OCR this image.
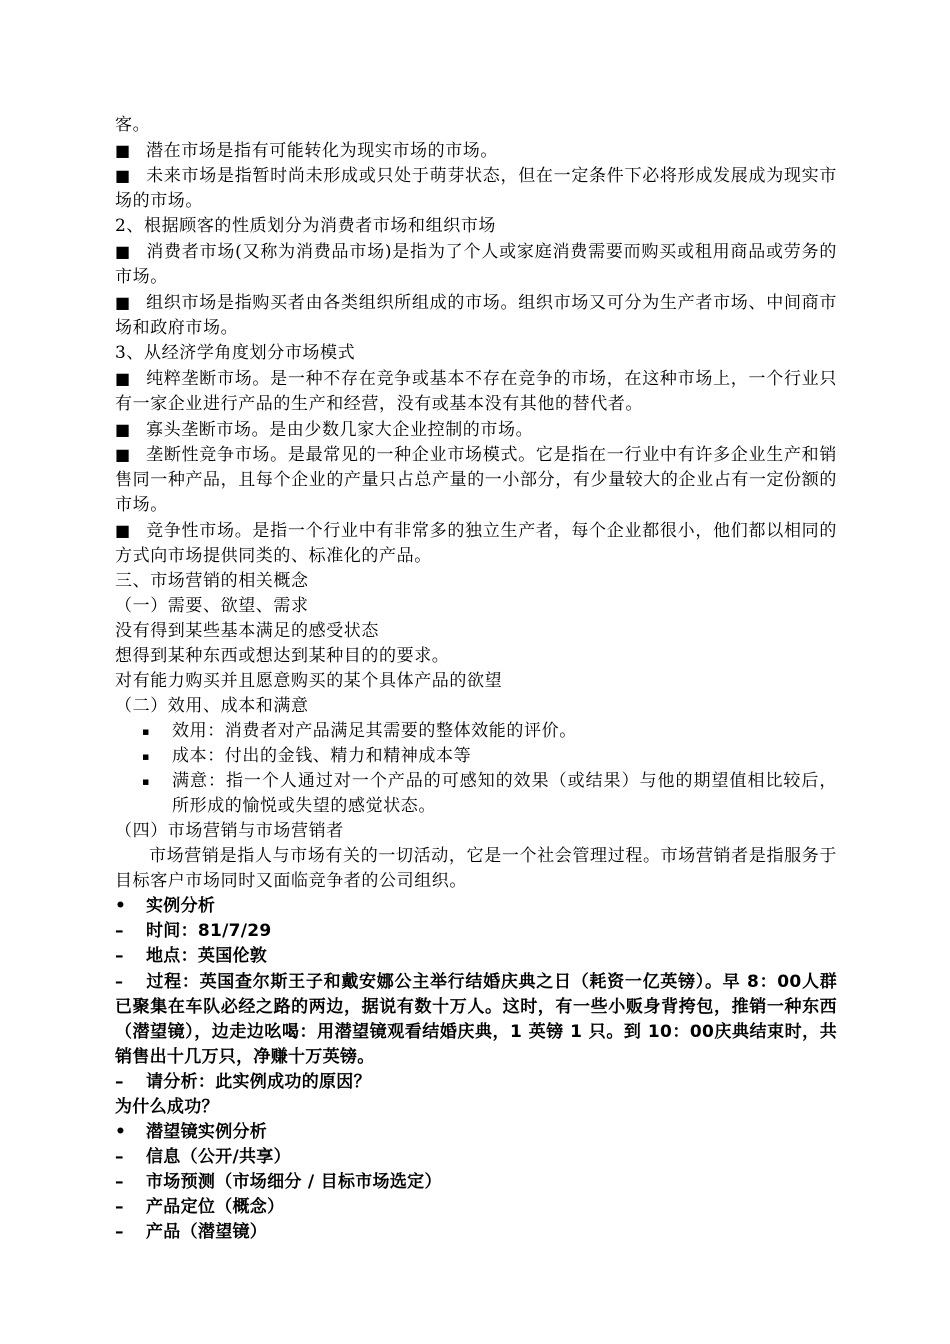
客。
■ 潜在市场是指有可能转化为现实市场的市场。
■ 未来市场是指暂时尚未形成或只处于萌芽状态，但在一定条件下必将形成发展成为现实市场的市场。
2、根据顾客的性质划分为消费者市场和组织市场
■ 消费者市场(又称为消费品市场)是指为了个人或家庭消费需要而购买或租用商品或劳务的市场。
■ 组织市场是指购买者由各类组织所组成的市场。组织市场又可分为生产者市场、中间商市场和政府市场。
3、从经济学角度划分市场模式
■ 纯粹垄断市场。是一种不存在竞争或基本不存在竞争的市场，在这种市场上，一个行业只有一家企业进行产品的生产和经营，没有或基本没有其他的替代者。
■ 寡头垄断市场。是由少数几家大企业控制的市场。
■ 垄断性竞争市场。是最常见的一种企业市场模式。它是指在一行业中有许多企业生产和销售同一种产品，且每个企业的产量只占总产量的一小部分，有少量较大的企业占有一定份额的市场。
■ 竞争性市场。是指一个行业中有非常多的独立生产者，每个企业都很小，他们都以相同的方式向市场提供同类的、标准化的产品。
三、市场营销的相关概念
（一）需要、欲望、需求
没有得到某些基本满足的感受状态
想得到某种东西或想达到某种目的的要求。
对有能力购买并且愿意购买的某个具体产品的欲望
（二）效用、成本和满意
▪ 效用：消费者对产品满足其需要的整体效能的评价。
▪ 成本：付出的金钱、精力和精神成本等
▪ 满意：指一个人通过对一个产品的可感知的效果（或结果）与他的期望值相比较后，所形成的愉悦或失望的感觉状态。
（四）市场营销与市场营销者
市场营销是指人与市场有关的一切活动，它是一个社会管理过程。市场营销者是指服务于目标客户市场同时又面临竞争者的公司组织。
•	实例分析
–	时间：81/7/29
–	地点：英国伦敦
– 过程：英国查尔斯王子和戴安娜公主举行结婚庆典之日（耗资一亿英镑）。早 8：00人群已聚集在车队必经之路的两边，据说有数十万人。这时，有一些小贩身背挎包，推销一种东西（潜望镜），边走边吆喝：用潜望镜观看结婚庆典，1 英镑 1 只。到 10：00庆典结束时，共销售出十几万只，净赚十万英镑。
–	请分析：此实例成功的原因？
为什么成功？
•	潜望镜实例分析
–	信息（公开/共享）
–	市场预测（市场细分 / 目标市场选定）
–	产品定位（概念）
–	产品（潜望镜）
